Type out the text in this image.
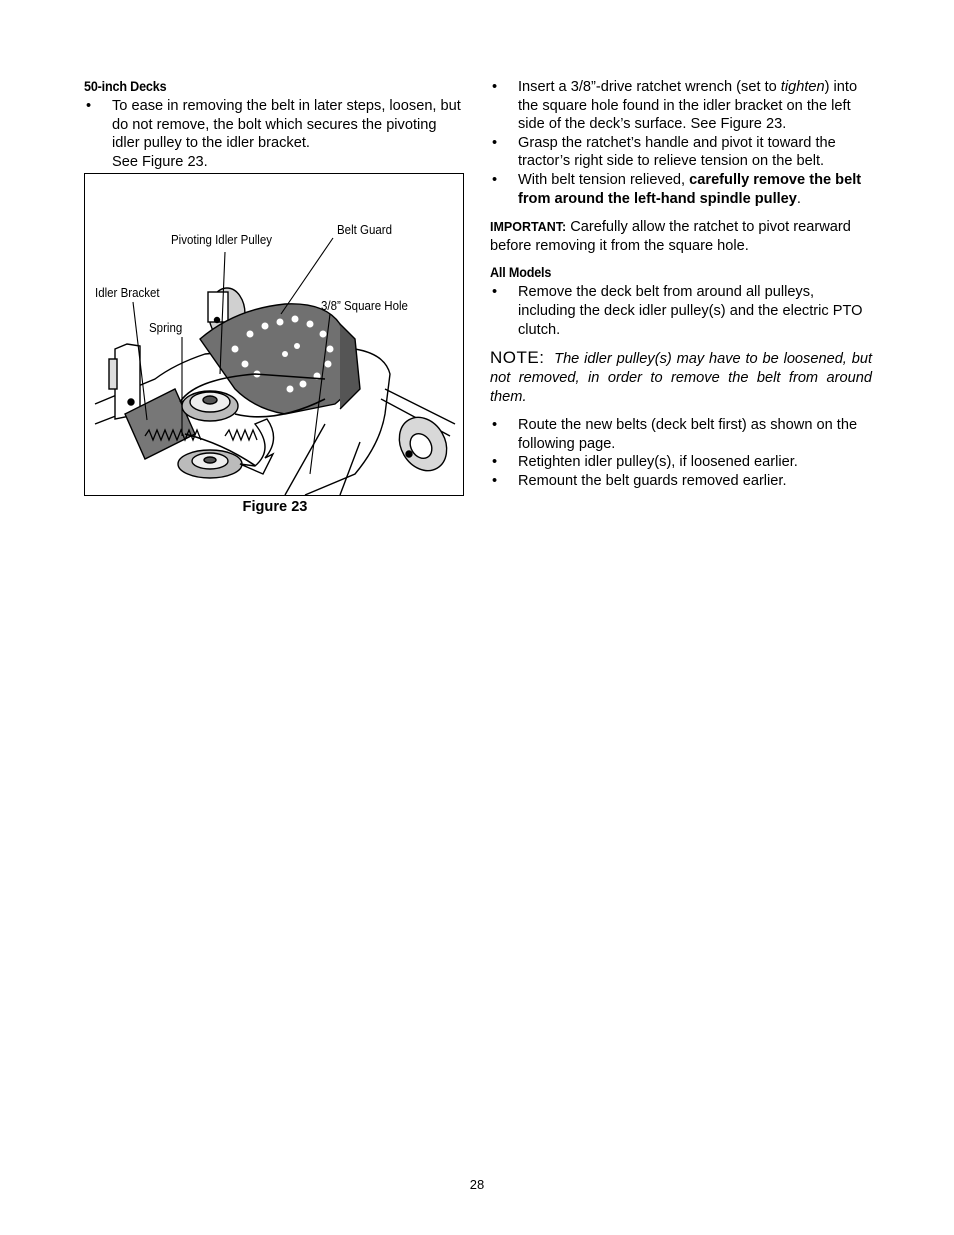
50-inch Decks
• To ease in removing the belt in later steps, loosen, but do not remove, the bolt which secures the pivoting idler pulley to the idler bracket.
See Figure 23.
Belt Guard
Pivoting Idler Pulley
Idler Bracket
3/8” Square Hole
Spring
Figure 23
• Insert a 3/8”-drive ratchet wrench (set to tighten) into the square hole found in the idler bracket on the left side of the deck’s surface. See Figure 23.
• Grasp the ratchet’s handle and pivot it toward the tractor’s right side to relieve tension on the belt.
• With belt tension relieved, carefully remove the belt from around the left-hand spindle pulley.

IMPORTANT: Carefully allow the ratchet to pivot rearward before removing it from the square hole.

All Models
• Remove the deck belt from around all pulleys, including the deck idler pulley(s) and the electric PTO clutch.

NOTE: The idler pulley(s) may have to be loosened, but not removed, in order to remove the belt from around them.

• Route the new belts (deck belt first) as shown on the following page.
• Retighten idler pulley(s), if loosened earlier.
• Remount the belt guards removed earlier.
28
